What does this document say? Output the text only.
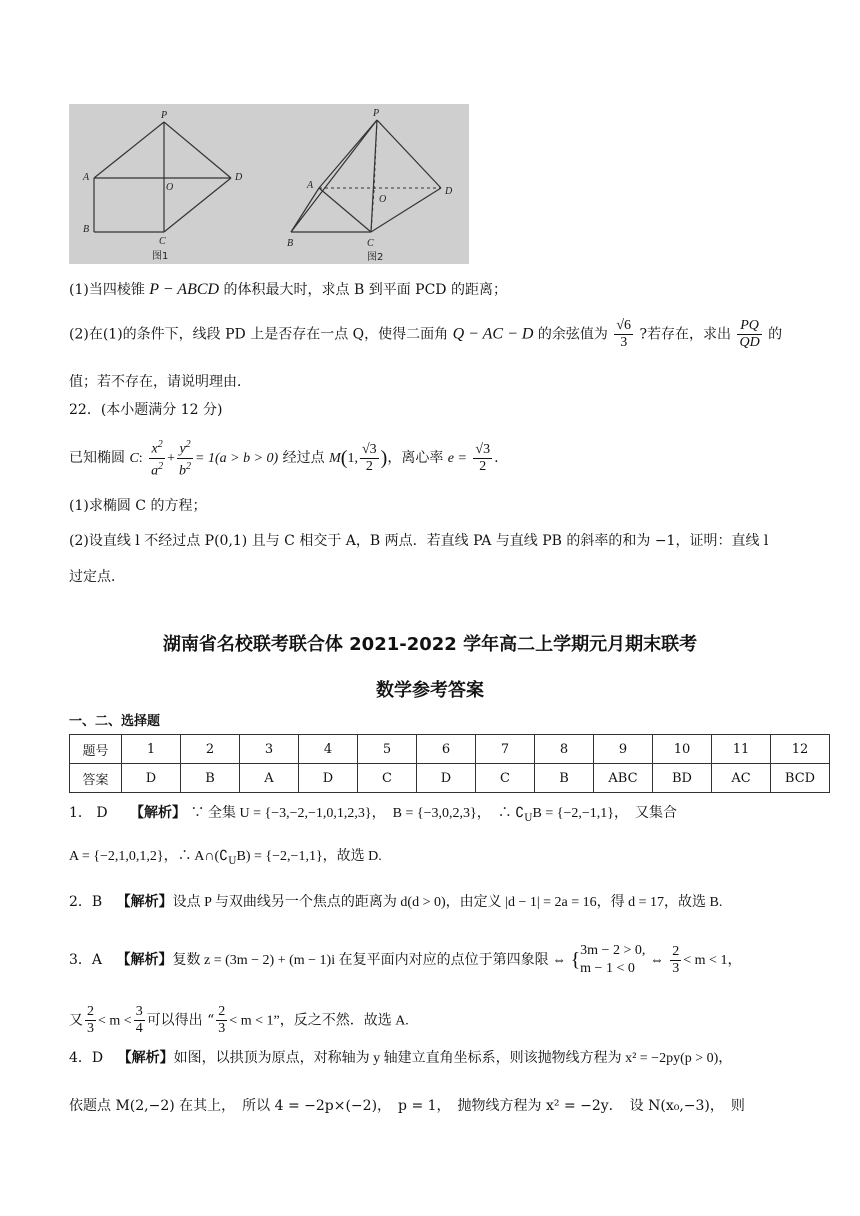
P
A
O
D
B
C
图1
P
A
O
D
B	C
图2
(1)当四棱锥 P − ABCD 的体积最大时，求点 B 到平面 PCD 的距离；
(2)在(1)的条件下，线段 PD 上是否存在一点 Q，使得二面角 Q − AC − D 的余弦值为 $\frac{√6}{3}$ ?若存在，求出 $\frac{PQ}{QD}$ 的
值；若不存在，请说明理由．
22．(本小题满分 12 分)
已知椭圆 C: $\frac{x^2}{a^2} + \frac{y^2}{b^2} = 1(a > b > 0)$ 经过点 M(1, $\frac{√3}{2}$ )，离心率 $e = \frac{√3}{2}$ .
(1)求椭圆 C 的方程；
(2)设直线 l 不经过点 P(0,1) 且与 C 相交于 A，B 两点．若直线 PA 与直线 PB 的斜率的和为 −1，证明：直线 l
过定点．
湖南省名校联考联合体 2021-2022 学年高二上学期元月期末联考
数学参考答案
一、二、选择题
题号	1	2	3	4	5	6	7	8	9	10	11	12
答案	D	B	A	D	C	D	C	B	ABC	BD	AC	BCD
1． D 【解析】 ∵ 全集 U = {−3,−2,−1,0,1,2,3}，　B = {−3,0,2,3}，　∴ $∁_UB = \{-2,-1,1\}$，　又集合
A = {−2,1,0,1,2}，∴ $A\cap(∁_UB) = \{-2,-1,1\}$，故选 D.
2．B 【解析】设点 P 与双曲线另一个焦点的距离为 d(d > 0)，由定义 |d − 1| = 2a = 16，得 d = 17，故选 B.
3．A 【解析】复数 z = (3m − 2) + (m − 1)i 在复平面内对应的点位于第四象限 ⇔ { 3m − 2 > 0,
m − 1 < 0
⇔ $\frac{2}{3} < m < 1$，
又 $\frac{2}{3} < m < \frac{3}{4}$ 可以得出 “ $\frac{2}{3} < m < 1$”，反之不然．故选 A.
4．D 【解析】如图，以拱顶为原点，对称轴为 y 轴建立直角坐标系，则该抛物线方程为 x² = −2py(p > 0)，
依题点 M(2,−2) 在其上，　所以 4 = −2p×(−2)，　p = 1，　抛物线方程为 x² = −2y．　设 N(x₀,−3)，　则
